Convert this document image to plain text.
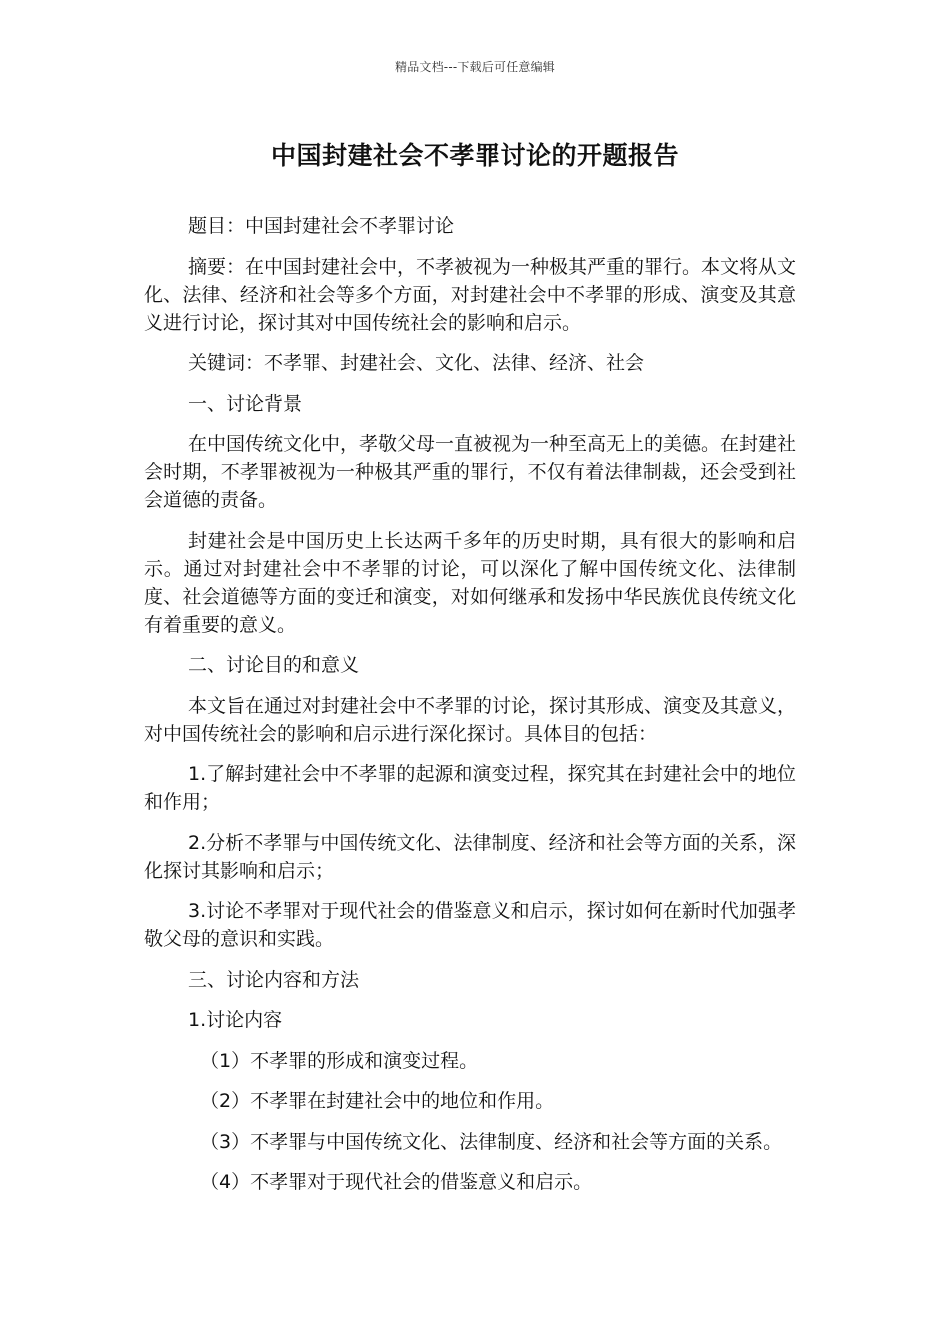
精品文档---下载后可任意编辑
中国封建社会不孝罪讨论的开题报告

题目：中国封建社会不孝罪讨论

摘要：在中国封建社会中，不孝被视为一种极其严重的罪行。本文将从文化、法律、经济和社会等多个方面，对封建社会中不孝罪的形成、演变及其意义进行讨论，探讨其对中国传统社会的影响和启示。

关键词：不孝罪、封建社会、文化、法律、经济、社会

一、讨论背景

在中国传统文化中，孝敬父母一直被视为一种至高无上的美德。在封建社会时期，不孝罪被视为一种极其严重的罪行，不仅有着法律制裁，还会受到社会道德的责备。

封建社会是中国历史上长达两千多年的历史时期，具有很大的影响和启示。通过对封建社会中不孝罪的讨论，可以深化了解中国传统文化、法律制度、社会道德等方面的变迁和演变，对如何继承和发扬中华民族优良传统文化有着重要的意义。

二、讨论目的和意义

本文旨在通过对封建社会中不孝罪的讨论，探讨其形成、演变及其意义，对中国传统社会的影响和启示进行深化探讨。具体目的包括：

1.了解封建社会中不孝罪的起源和演变过程，探究其在封建社会中的地位和作用；

2.分析不孝罪与中国传统文化、法律制度、经济和社会等方面的关系，深化探讨其影响和启示；

3.讨论不孝罪对于现代社会的借鉴意义和启示，探讨如何在新时代加强孝敬父母的意识和实践。

三、讨论内容和方法

1.讨论内容

（1）不孝罪的形成和演变过程。

（2）不孝罪在封建社会中的地位和作用。

（3）不孝罪与中国传统文化、法律制度、经济和社会等方面的关系。

（4）不孝罪对于现代社会的借鉴意义和启示。
